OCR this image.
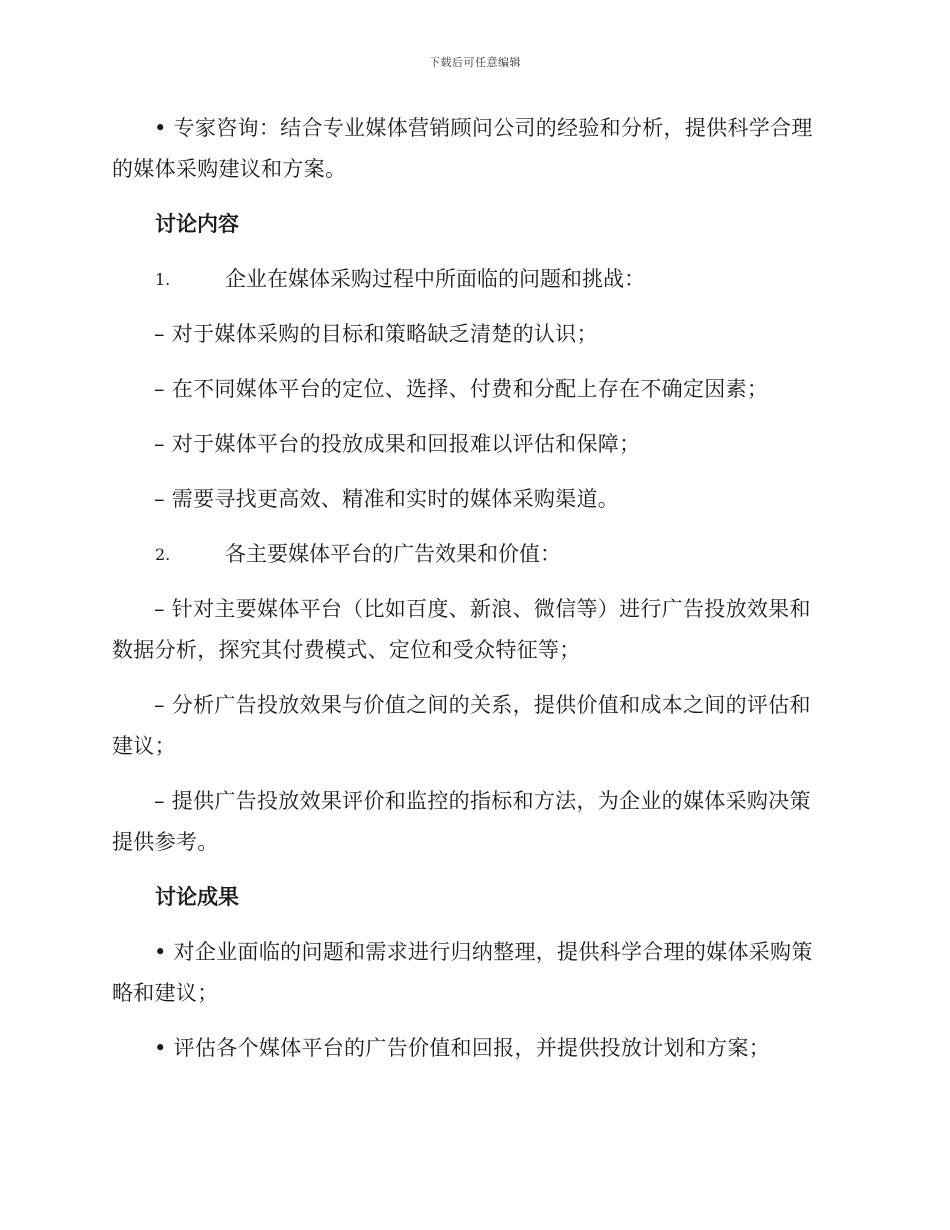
下载后可任意编辑

• 专家咨询：结合专业媒体营销顾问公司的经验和分析，提供科学合理的媒体采购建议和方案。

讨论内容
1.	企业在媒体采购过程中所面临的问题和挑战：

– 对于媒体采购的目标和策略缺乏清楚的认识；

– 在不同媒体平台的定位、选择、付费和分配上存在不确定因素；

– 对于媒体平台的投放成果和回报难以评估和保障；

– 需要寻找更高效、精准和实时的媒体采购渠道。

2.	各主要媒体平台的广告效果和价值：

– 针对主要媒体平台（比如百度、新浪、微信等）进行广告投放效果和数据分析，探究其付费模式、定位和受众特征等；

– 分析广告投放效果与价值之间的关系，提供价值和成本之间的评估和建议；

– 提供广告投放效果评价和监控的指标和方法，为企业的媒体采购决策提供参考。

讨论成果

• 对企业面临的问题和需求进行归纳整理，提供科学合理的媒体采购策略和建议；

• 评估各个媒体平台的广告价值和回报，并提供投放计划和方案；
